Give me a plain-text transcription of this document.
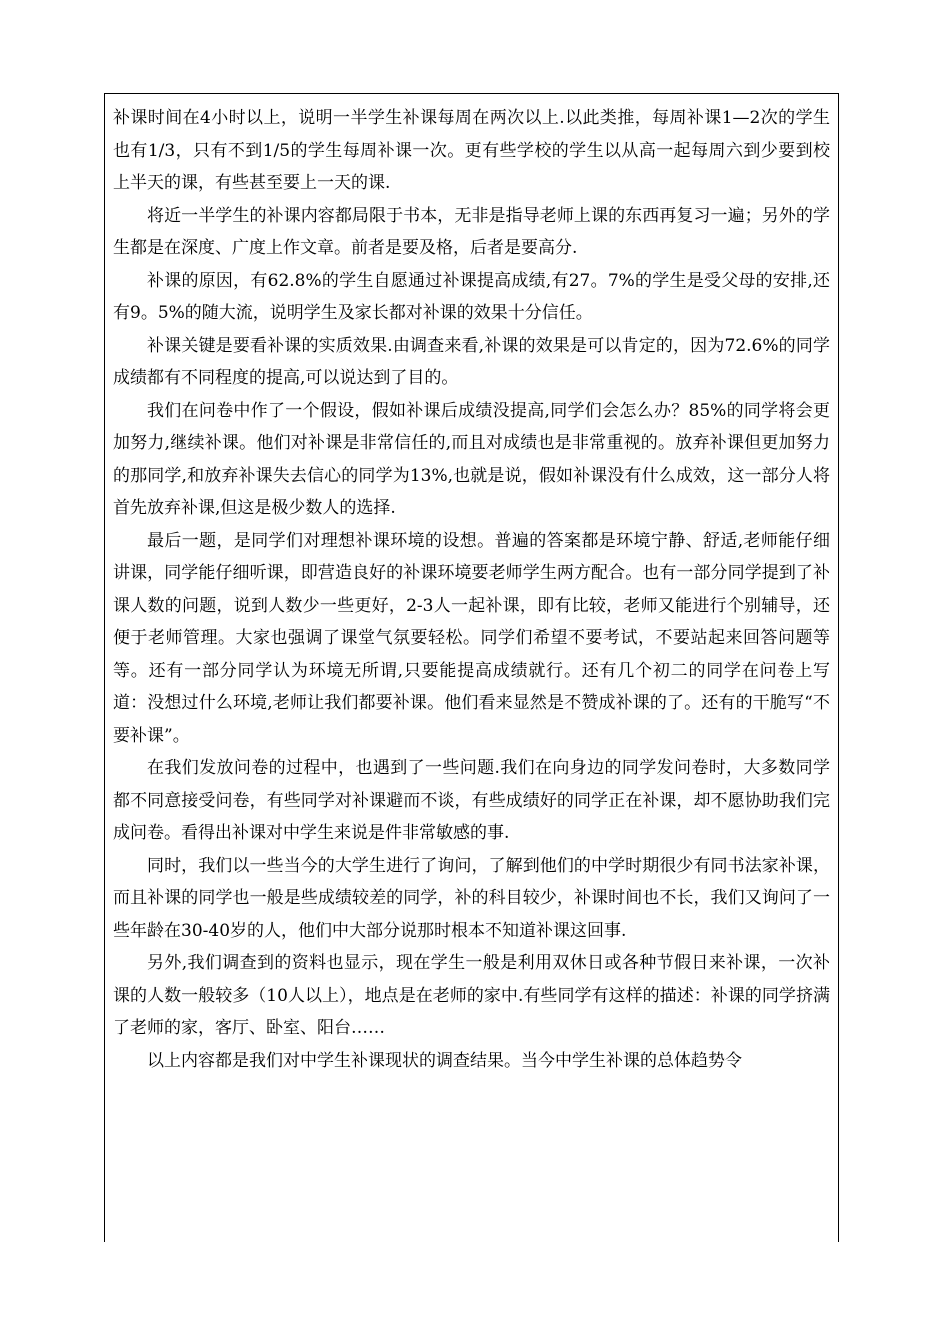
补课时间在4小时以上，说明一半学生补课每周在两次以上.以此类推，每周补课1—2次的学生也有1/3，只有不到1/5的学生每周补课一次。更有些学校的学生以从高一起每周六到少要到校上半天的课，有些甚至要上一天的课.

将近一半学生的补课内容都局限于书本，无非是指导老师上课的东西再复习一遍；另外的学生都是在深度、广度上作文章。前者是要及格，后者是要高分.

补课的原因，有62.8%的学生自愿通过补课提高成绩,有27。7%的学生是受父母的安排,还有9。5%的随大流，说明学生及家长都对补课的效果十分信任。

补课关键是要看补课的实质效果.由调查来看,补课的效果是可以肯定的，因为72.6%的同学成绩都有不同程度的提高,可以说达到了目的。

我们在问卷中作了一个假设，假如补课后成绩没提高,同学们会怎么办？85%的同学将会更加努力,继续补课。他们对补课是非常信任的,而且对成绩也是非常重视的。放弃补课但更加努力的那同学,和放弃补课失去信心的同学为13%,也就是说，假如补课没有什么成效，这一部分人将首先放弃补课,但这是极少数人的选择.

最后一题，是同学们对理想补课环境的设想。普遍的答案都是环境宁静、舒适,老师能仔细讲课，同学能仔细听课，即营造良好的补课环境要老师学生两方配合。也有一部分同学提到了补课人数的问题，说到人数少一些更好，2-3人一起补课，即有比较，老师又能进行个别辅导，还便于老师管理。大家也强调了课堂气氛要轻松。同学们希望不要考试，不要站起来回答问题等等。还有一部分同学认为环境无所谓,只要能提高成绩就行。还有几个初二的同学在问卷上写道：没想过什么环境,老师让我们都要补课。他们看来显然是不赞成补课的了。还有的干脆写“不要补课”。

在我们发放问卷的过程中，也遇到了一些问题.我们在向身边的同学发问卷时，大多数同学都不同意接受问卷，有些同学对补课避而不谈，有些成绩好的同学正在补课，却不愿协助我们完成问卷。看得出补课对中学生来说是件非常敏感的事.

同时，我们以一些当今的大学生进行了询问，了解到他们的中学时期很少有同书法家补课，而且补课的同学也一般是些成绩较差的同学，补的科目较少，补课时间也不长，我们又询问了一些年龄在30-40岁的人，他们中大部分说那时根本不知道补课这回事.

另外,我们调查到的资料也显示，现在学生一般是利用双休日或各种节假日来补课，一次补课的人数一般较多（10人以上），地点是在老师的家中.有些同学有这样的描述：补课的同学挤满了老师的家，客厅、卧室、阳台……

以上内容都是我们对中学生补课现状的调查结果。当今中学生补课的总体趋势令
